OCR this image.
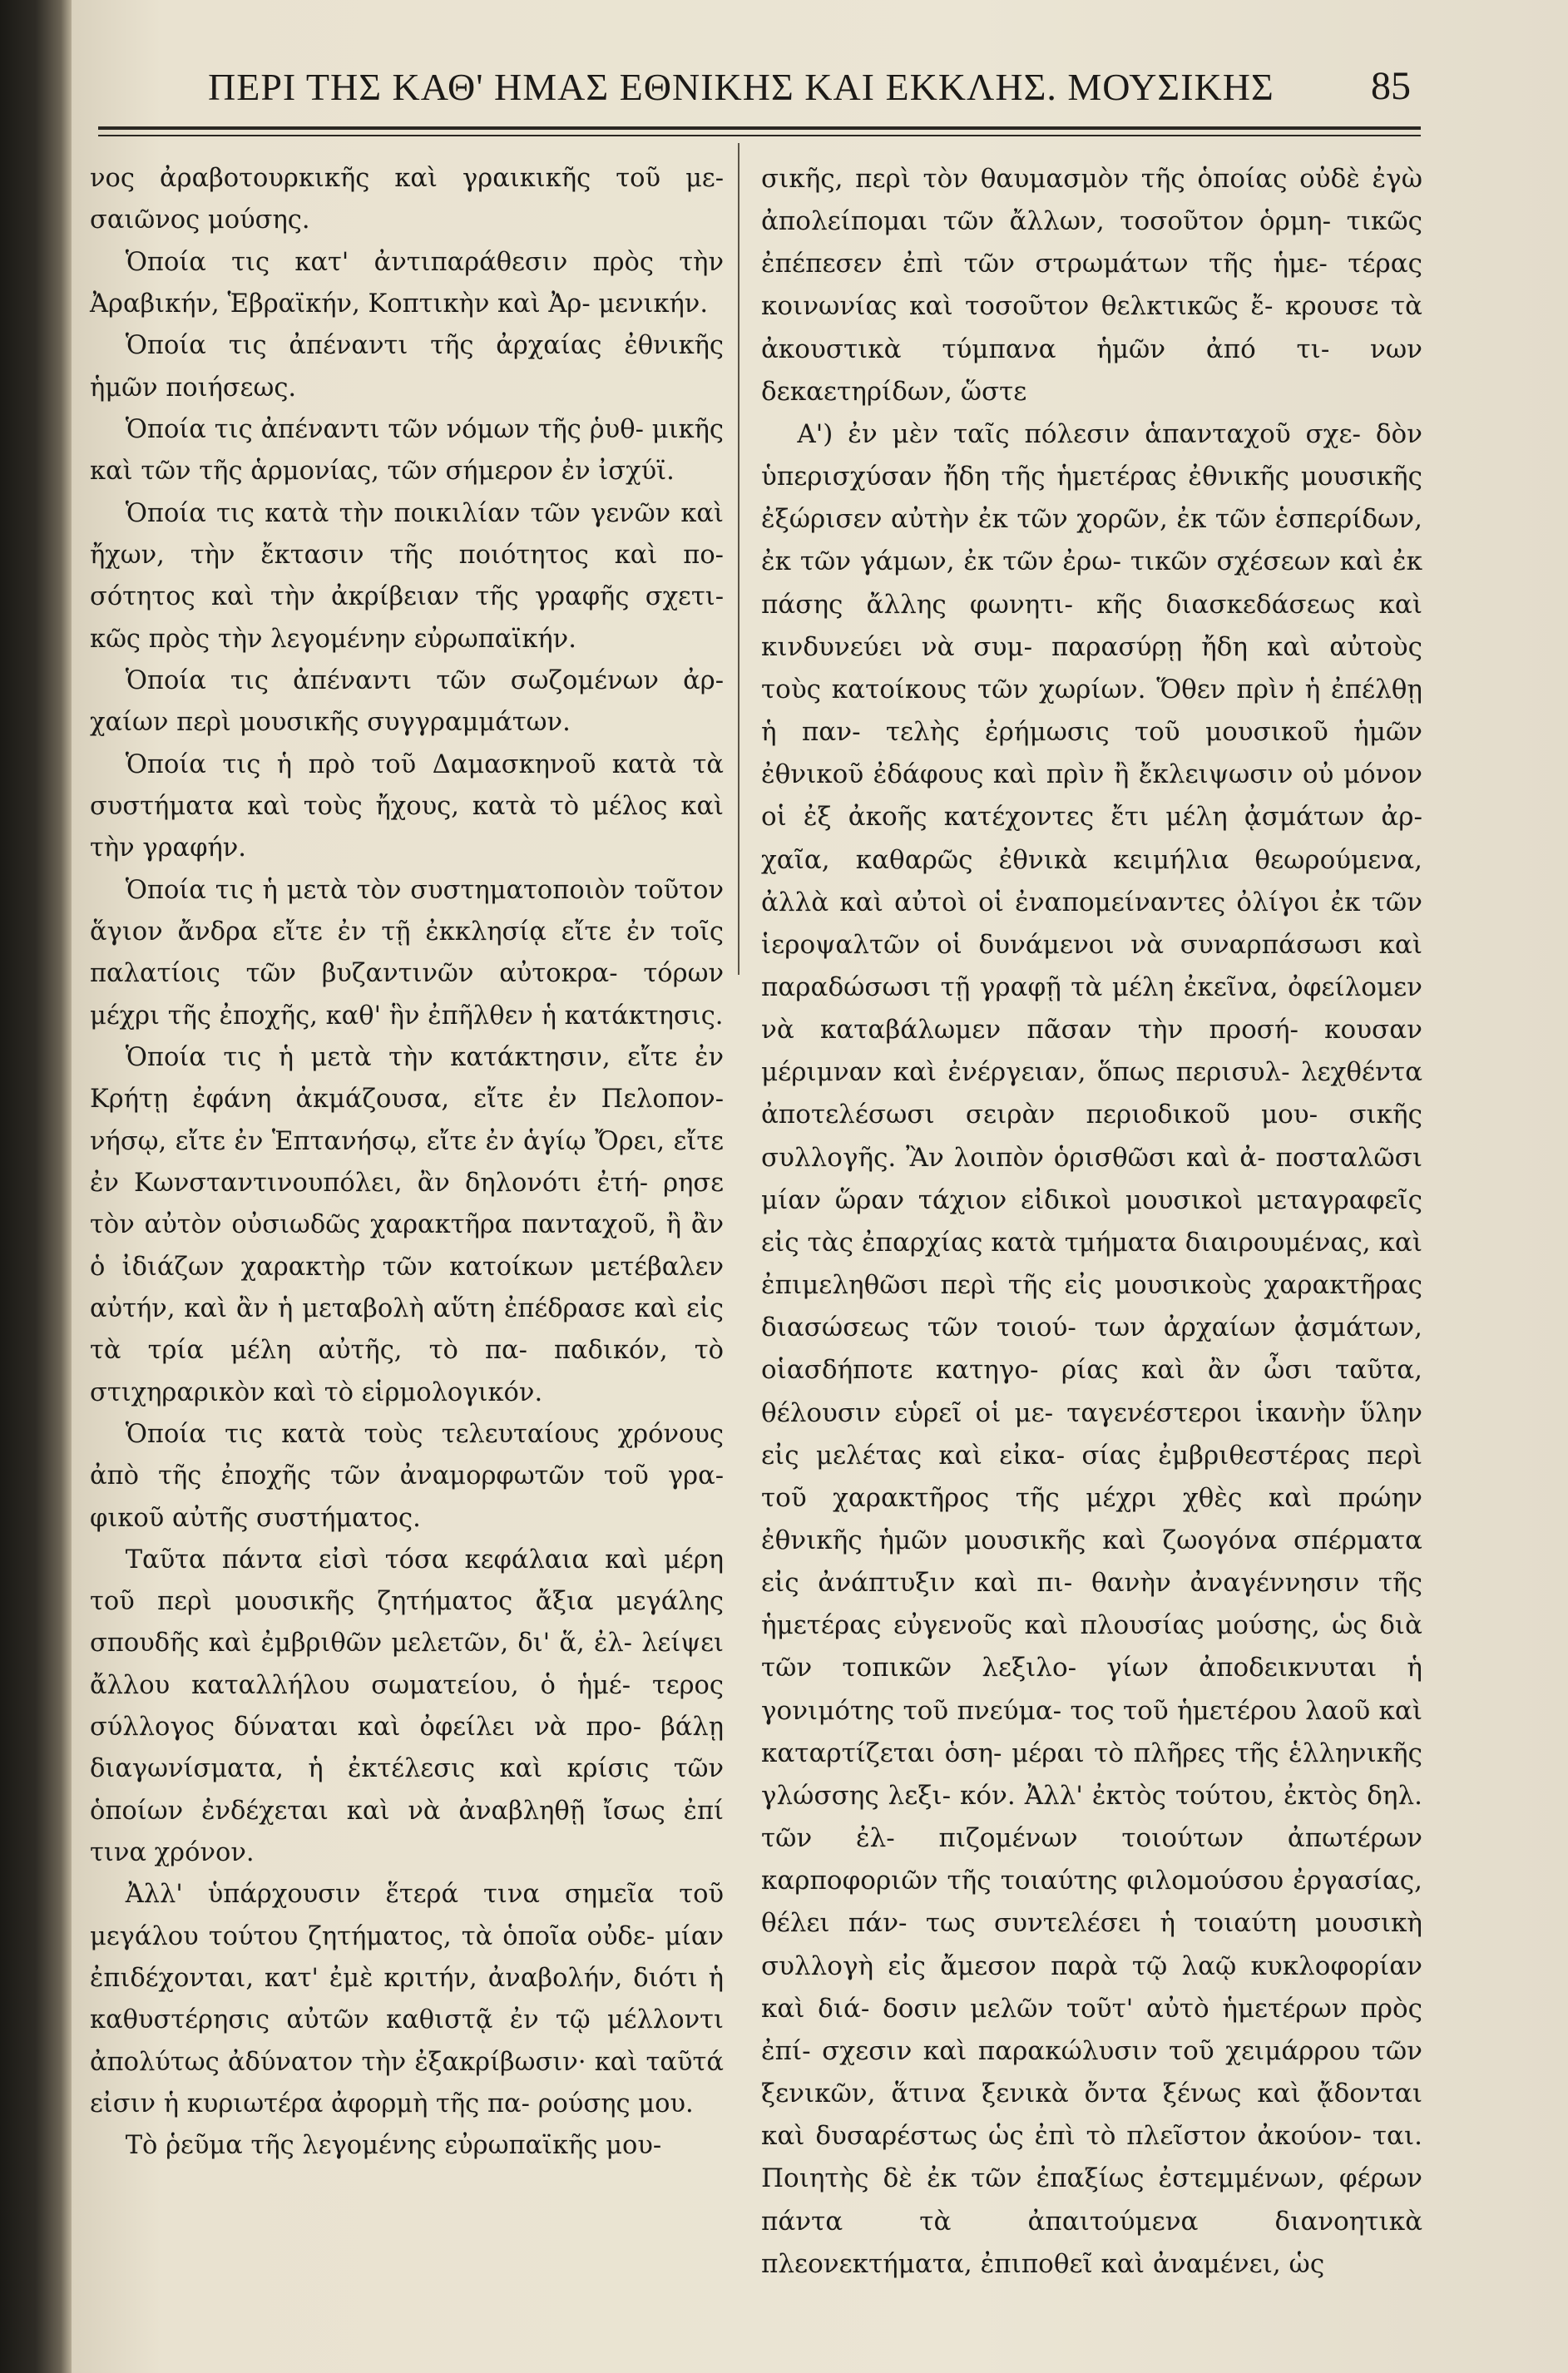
ΠΕΡΙ ΤΗΣ ΚΑΘ' ΗΜΑΣ ΕΘΝΙΚΗΣ ΚΑΙ ΕΚΚΛΗΣ. ΜΟΥΣΙΚΗΣ	85

νος ἀραβοτουρκικῆς καὶ γραικικῆς τοῦ με- σαιῶνος μούσης.

Ὁποία τις κατ' ἀντιπαράθεσιν πρὸς τὴν Ἀραβικήν, Ἑβραϊκήν, Κοπτικὴν καὶ Ἀρ- μενικήν.

Ὁποία τις ἀπέναντι τῆς ἀρχαίας ἐθνικῆς ἡμῶν ποιήσεως.

Ὁποία τις ἀπέναντι τῶν νόμων τῆς ῥυθ- μικῆς καὶ τῶν τῆς ἁρμονίας, τῶν σήμερον ἐν ἰσχύϊ.

Ὁποία τις κατὰ τὴν ποικιλίαν τῶν γενῶν καὶ ἤχων, τὴν ἔκτασιν τῆς ποιότητος καὶ πο- σότητος καὶ τὴν ἀκρίβειαν τῆς γραφῆς σχετι- κῶς πρὸς τὴν λεγομένην εὐρωπαϊκήν.

Ὁποία τις ἀπέναντι τῶν σωζομένων ἀρ- χαίων περὶ μουσικῆς συγγραμμάτων.

Ὁποία τις ἡ πρὸ τοῦ Δαμασκηνοῦ κατὰ τὰ συστήματα καὶ τοὺς ἤχους, κατὰ τὸ μέλος καὶ τὴν γραφήν.

Ὁποία τις ἡ μετὰ τὸν συστηματοποιὸν τοῦτον ἅγιον ἄνδρα εἴτε ἐν τῇ ἐκκλησίᾳ εἴτε ἐν τοῖς παλατίοις τῶν βυζαντινῶν αὐτοκρα- τόρων μέχρι τῆς ἐποχῆς, καθ' ἣν ἐπῆλθεν ἡ κατάκτησις.

Ὁποία τις ἡ μετὰ τὴν κατάκτησιν, εἴτε ἐν Κρήτῃ ἐφάνη ἀκμάζουσα, εἴτε ἐν Πελοπον- νήσῳ, εἴτε ἐν Ἑπτανήσῳ, εἴτε ἐν ἁγίῳ Ὄρει, εἴτε ἐν Κωνσταντινουπόλει, ἂν δηλονότι ἐτή- ρησε τὸν αὐτὸν οὐσιωδῶς χαρακτῆρα πανταχοῦ, ἢ ἂν ὁ ἰδιάζων χαρακτὴρ τῶν κατοίκων μετέβαλεν αὐτήν, καὶ ἂν ἡ μεταβολὴ αὕτη ἐπέδρασε καὶ εἰς τὰ τρία μέλη αὐτῆς, τὸ πα- παδικόν, τὸ στιχηραρικὸν καὶ τὸ εἱρμολογικόν.

Ὁποία τις κατὰ τοὺς τελευταίους χρόνους ἀπὸ τῆς ἐποχῆς τῶν ἀναμορφωτῶν τοῦ γρα- φικοῦ αὐτῆς συστήματος.

Ταῦτα πάντα εἰσὶ τόσα κεφάλαια καὶ μέρη τοῦ περὶ μουσικῆς ζητήματος ἄξια μεγάλης σπουδῆς καὶ ἐμβριθῶν μελετῶν, δι' ἅ, ἐλ- λείψει ἄλλου καταλλήλου σωματείου, ὁ ἡμέ- τερος σύλλογος δύναται καὶ ὀφείλει νὰ προ- βάλῃ διαγωνίσματα, ἡ ἐκτέλεσις καὶ κρίσις τῶν ὁποίων ἐνδέχεται καὶ νὰ ἀναβληθῇ ἴσως ἐπί τινα χρόνον.

Ἀλλ' ὑπάρχουσιν ἕτερά τινα σημεῖα τοῦ μεγάλου τούτου ζητήματος, τὰ ὁποῖα οὐδε- μίαν ἐπιδέχονται, κατ' ἐμὲ κριτήν, ἀναβολήν, διότι ἡ καθυστέρησις αὐτῶν καθιστᾷ ἐν τῷ μέλλοντι ἀπολύτως ἀδύνατον τὴν ἐξακρίβωσιν· καὶ ταῦτά εἰσιν ἡ κυριωτέρα ἀφορμὴ τῆς πα- ρούσης μου.

Τὸ ῥεῦμα τῆς λεγομένης εὐρωπαϊκῆς μου-

σικῆς, περὶ τὸν θαυμασμὸν τῆς ὁποίας οὐδὲ ἐγὼ ἀπολείπομαι τῶν ἄλλων, τοσοῦτον ὁρμη- τικῶς ἐπέπεσεν ἐπὶ τῶν στρωμάτων τῆς ἡμε- τέρας κοινωνίας καὶ τοσοῦτον θελκτικῶς ἔ- κρουσε τὰ ἀκουστικὰ τύμπανα ἡμῶν ἀπό τι- νων δεκαετηρίδων, ὥστε

Α') ἐν μὲν ταῖς πόλεσιν ἁπανταχοῦ σχε- δὸν ὑπερισχύσαν ἤδη τῆς ἡμετέρας ἐθνικῆς μουσικῆς ἐξώρισεν αὐτὴν ἐκ τῶν χορῶν, ἐκ τῶν ἑσπερίδων, ἐκ τῶν γάμων, ἐκ τῶν ἐρω- τικῶν σχέσεων καὶ ἐκ πάσης ἄλλης φωνητι- κῆς διασκεδάσεως καὶ κινδυνεύει νὰ συμ- παρασύρῃ ἤδη καὶ αὐτοὺς τοὺς κατοίκους τῶν χωρίων. Ὅθεν πρὶν ἡ ἐπέλθῃ ἡ παν- τελὴς ἐρήμωσις τοῦ μουσικοῦ ἡμῶν ἐθνικοῦ ἐδάφους καὶ πρὶν ἢ ἔκλειψωσιν οὐ μόνον οἱ ἐξ ἀκοῆς κατέχοντες ἔτι μέλη ᾀσμάτων ἀρ- χαῖα, καθαρῶς ἐθνικὰ κειμήλια θεωρούμενα, ἀλλὰ καὶ αὐτοὶ οἱ ἐναπομείναντες ὀλίγοι ἐκ τῶν ἱεροψαλτῶν οἱ δυνάμενοι νὰ συναρπάσωσι καὶ παραδώσωσι τῇ γραφῇ τὰ μέλη ἐκεῖνα, ὀφείλομεν νὰ καταβάλωμεν πᾶσαν τὴν προσή- κουσαν μέριμναν καὶ ἐνέργειαν, ὅπως περισυλ- λεχθέντα ἀποτελέσωσι σειρὰν περιοδικοῦ μου- σικῆς συλλογῆς. Ἂν λοιπὸν ὁρισθῶσι καὶ ἀ- ποσταλῶσι μίαν ὥραν τάχιον εἰδικοὶ μουσικοὶ μεταγραφεῖς εἰς τὰς ἐπαρχίας κατὰ τμήματα διαιρουμένας, καὶ ἐπιμεληθῶσι περὶ τῆς εἰς μουσικοὺς χαρακτῆρας διασώσεως τῶν τοιού- των ἀρχαίων ᾀσμάτων, οἱασδήποτε κατηγο- ρίας καὶ ἂν ὦσι ταῦτα, θέλουσιν εὑρεῖ οἱ με- ταγενέστεροι ἱκανὴν ὕλην εἰς μελέτας καὶ εἰκα- σίας ἐμβριθεστέρας περὶ τοῦ χαρακτῆρος τῆς μέχρι χθὲς καὶ πρώην ἐθνικῆς ἡμῶν μουσικῆς καὶ ζωογόνα σπέρματα εἰς ἀνάπτυξιν καὶ πι- θανὴν ἀναγέννησιν τῆς ἡμετέρας εὐγενοῦς καὶ πλουσίας μούσης, ὡς διὰ τῶν τοπικῶν λεξιλο- γίων ἀποδεικνυται ἡ γονιμότης τοῦ πνεύμα- τος τοῦ ἡμετέρου λαοῦ καὶ καταρτίζεται ὁση- μέραι τὸ πλῆρες τῆς ἑλληνικῆς γλώσσης λεξι- κόν. Ἀλλ' ἐκτὸς τούτου, ἐκτὸς δηλ. τῶν ἐλ- πιζομένων τοιούτων ἀπωτέρων καρποφοριῶν τῆς τοιαύτης φιλομούσου ἐργασίας, θέλει πάν- τως συντελέσει ἡ τοιαύτη μουσικὴ συλλογὴ εἰς ἄμεσον παρὰ τῷ λαῷ κυκλοφορίαν καὶ διά- δοσιν μελῶν τοῦτ' αὐτὸ ἡμετέρων πρὸς ἐπί- σχεσιν καὶ παρακώλυσιν τοῦ χειμάρρου τῶν ξενικῶν, ἅτινα ξενικὰ ὄντα ξένως καὶ ᾄδονται καὶ δυσαρέστως ὡς ἐπὶ τὸ πλεῖστον ἀκούον- ται. Ποιητὴς δὲ ἐκ τῶν ἐπαξίως ἐστεμμένων, φέρων πάντα τὰ ἀπαιτούμενα διανοητικὰ πλεονεκτήματα, ἐπιποθεῖ καὶ ἀναμένει, ὡς
